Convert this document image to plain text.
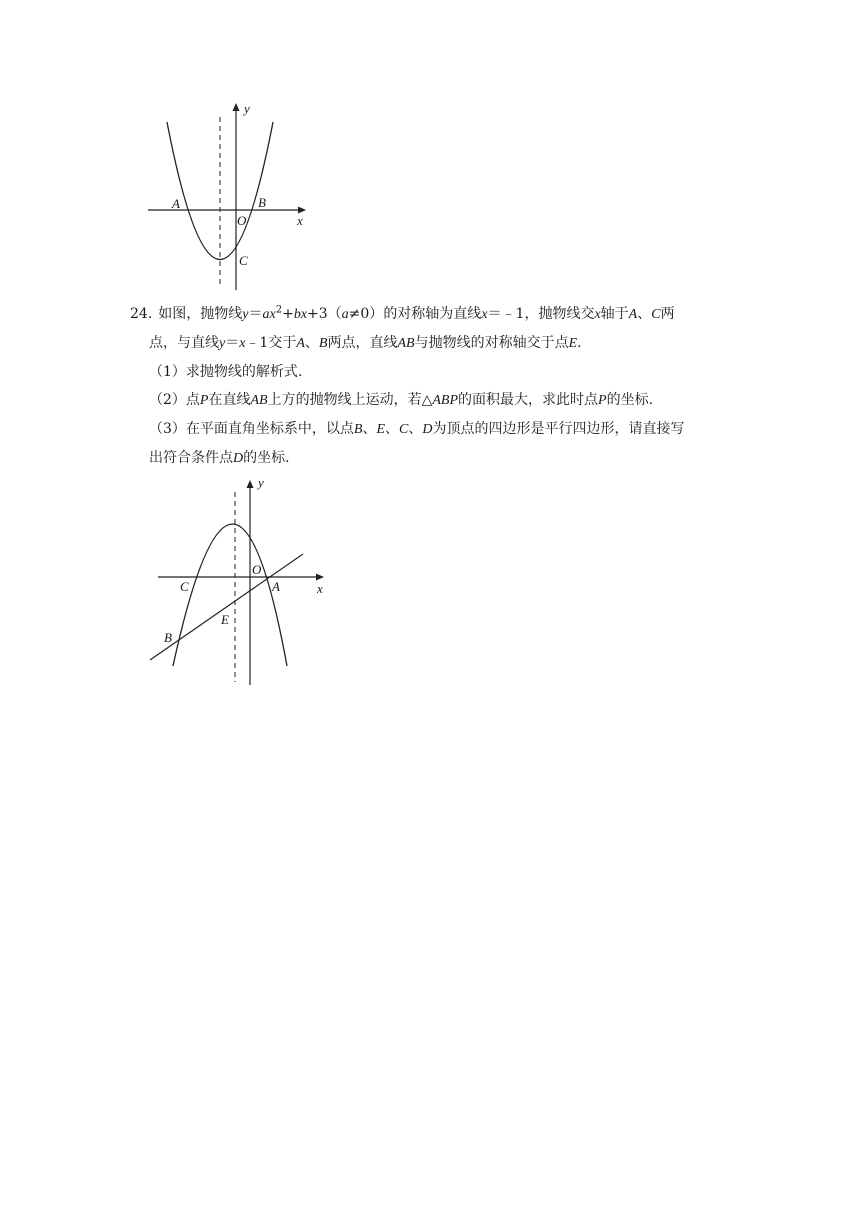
y
x
A	B
O
C
24. 如图，抛物线$y=ax^2+bx+3(a\ne 0)$的对称轴为直线x＝﹣1，抛物线交x轴于A、C两
点，与直线y＝x﹣1交于A、B两点，直线AB与抛物线的对称轴交于点E.
（1）求抛物线的解析式.
（2）点P在直线AB上方的抛物线上运动，若△ABP的面积最大，求此时点P的坐标.
（3）在平面直角坐标系中，以点B、E、C、D为顶点的四边形是平行四边形，请直接写
出符合条件点D的坐标.
y
x
C
O
A
E
B
